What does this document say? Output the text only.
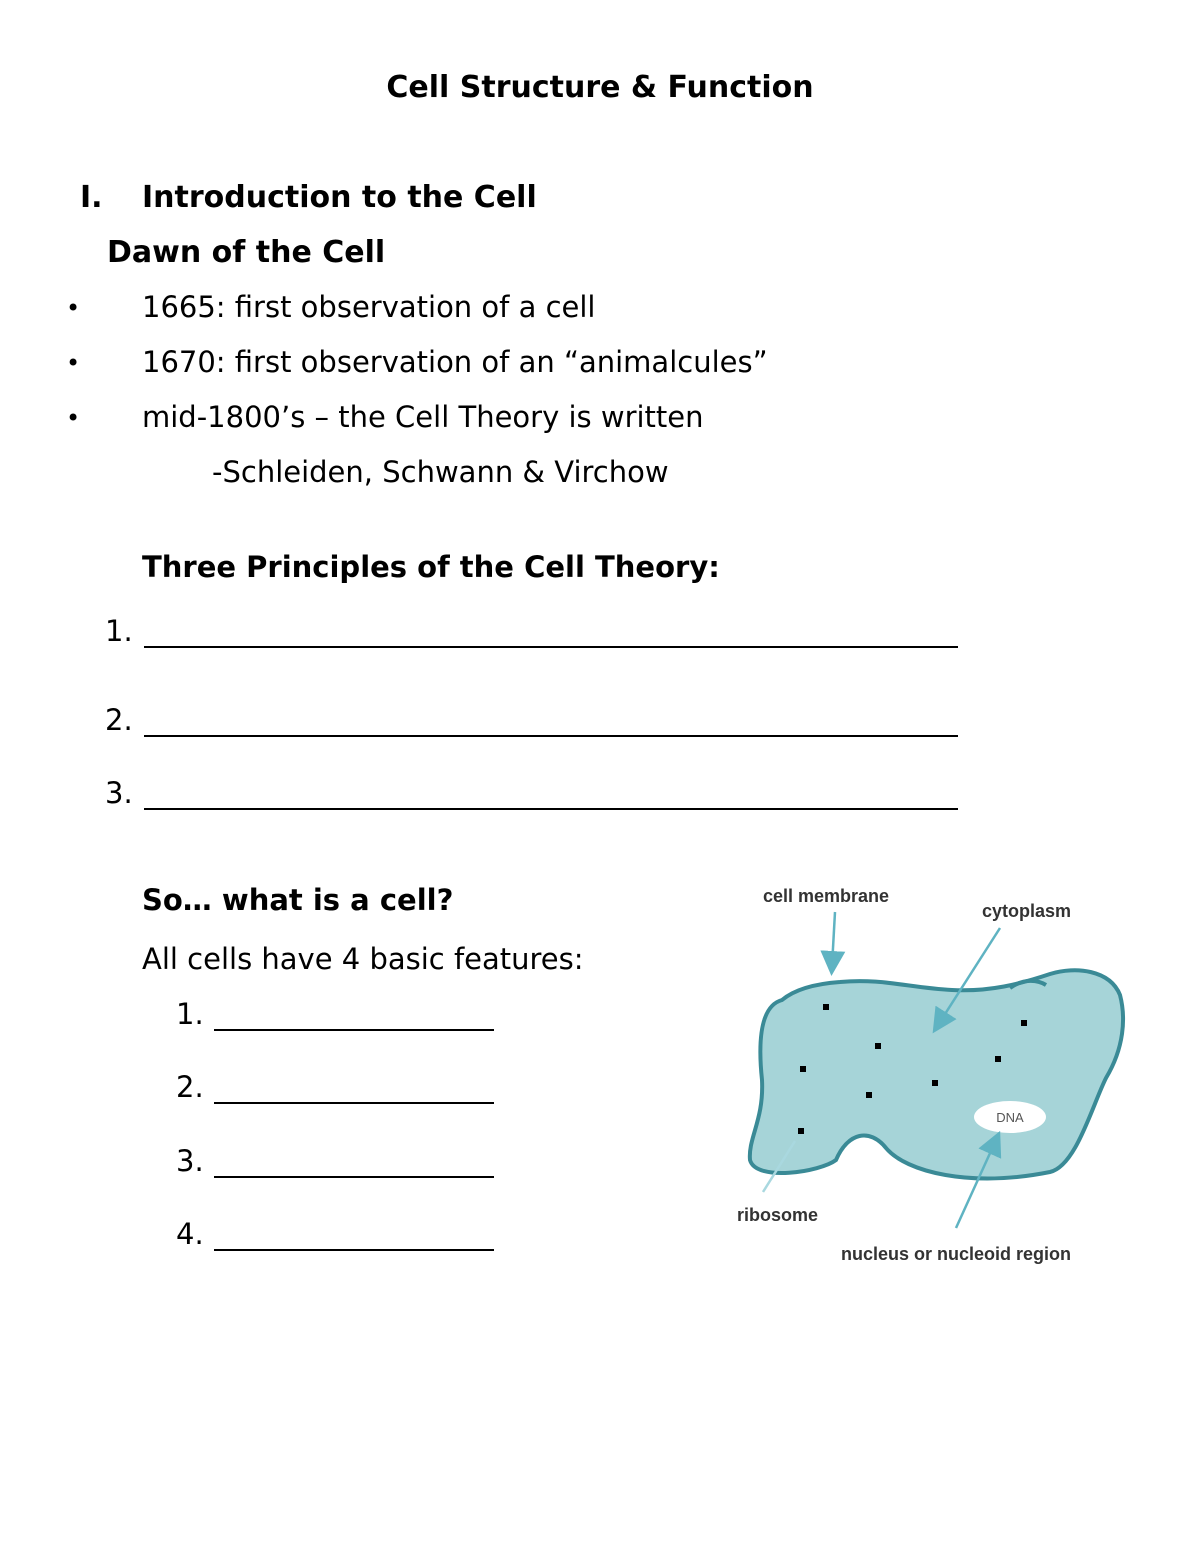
Cell Structure & Function
I. Introduction to the Cell
Dawn of the Cell
• 1665: first observation of a cell
• 1670: first observation of an “animalcules”
• mid-1800’s – the Cell Theory is written
-Schleiden, Schwann & Virchow
Three Principles of the Cell Theory:
1.
2.
3.
So… what is a cell?
All cells have 4 basic features:
1.
2.
3.
4.
DNA
cell membrane
cytoplasm
ribosome
nucleus or nucleoid region
